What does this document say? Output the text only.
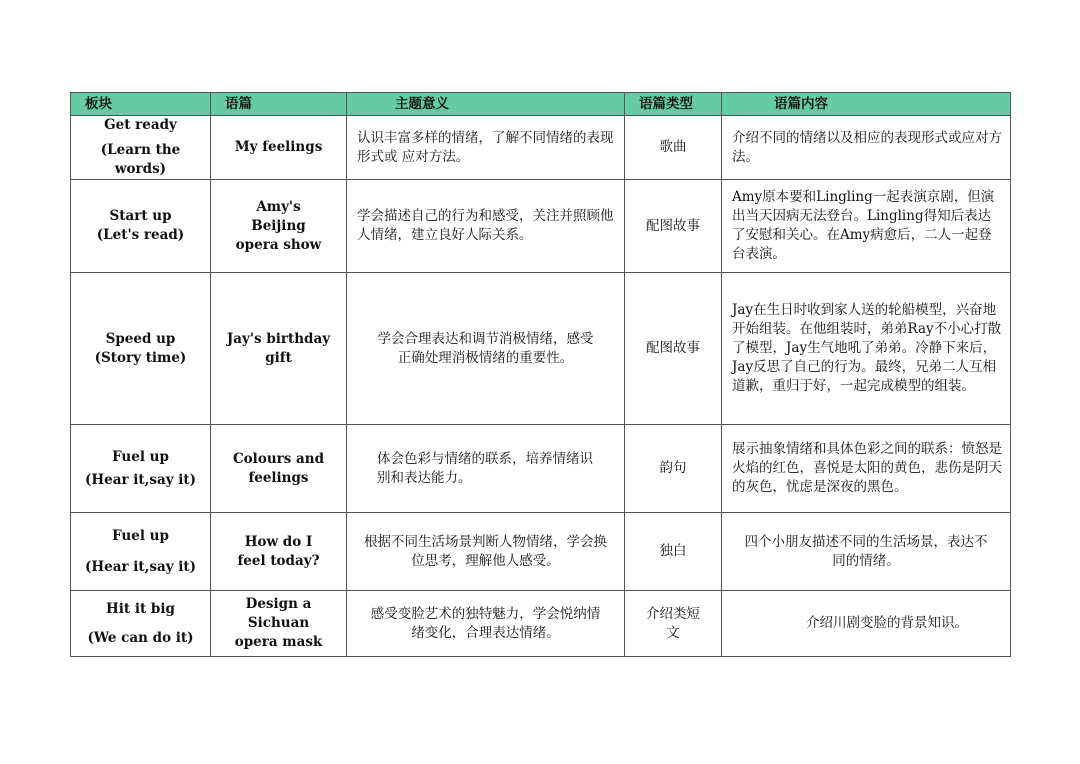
板块	语篇	主题意义	语篇类型	语篇内容

Get ready
(Learn the words)	My feelings	认识丰富多样的情绪，了解不同情绪的表现形式或 应对方法。	歌曲	介绍不同的情绪以及相应的表现形式或应对方法。

Start up
(Let's read)	Amy's Beijing opera show	学会描述自己的行为和感受，关注并照顾他人情绪，建立良好人际关系。	配图故事	Amy原本要和Lingling一起表演京剧，但演出当天因病无法登台。Lingling得知后表达了安慰和关心。在Amy病愈后，二人一起登台表演。

Speed up
(Story time)	Jay's birthday gift	学会合理表达和调节消极情绪，感受正确处理消极情绪的重要性。	配图故事	Jay在生日时收到家人送的轮船模型，兴奋地开始组装。在他组装时，弟弟Ray不小心打散了模型，Jay生气地吼了弟弟。冷静下来后，Jay反思了自己的行为。最终，兄弟二人互相道歉，重归于好，一起完成模型的组装。

Fuel up
(Hear it,say it)	Colours and feelings	体会色彩与情绪的联系，培养情绪识别和表达能力。	韵句	展示抽象情绪和具体色彩之间的联系：愤怒是火焰的红色，喜悦是太阳的黄色，悲伤是阴天的灰色，忧虑是深夜的黑色。

Fuel up
(Hear it,say it)	How do I feel today?	根据不同生活场景判断人物情绪，学会换位思考，理解他人感受。	独白	四个小朋友描述不同的生活场景，表达不同的情绪。

Hit it big
(We can do it)	Design a Sichuan opera mask	感受变脸艺术的独特魅力，学会悦纳情绪变化，合理表达情绪。	介绍类短文	介绍川剧变脸的背景知识。
